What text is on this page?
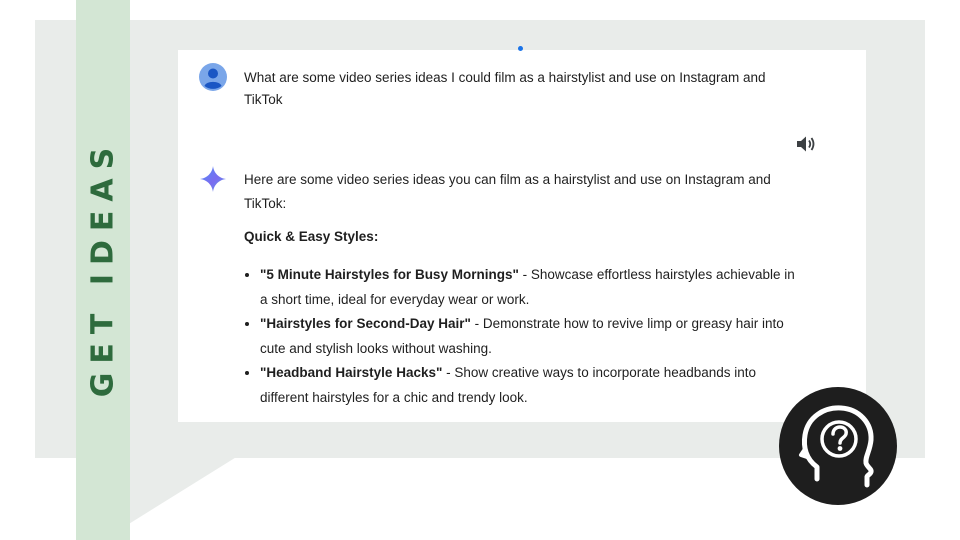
GET IDEAS
What are some video series ideas I could film as a hairstylist and use on Instagram and TikTok

Here are some video series ideas you can film as a hairstylist and use on Instagram and TikTok:

Quick & Easy Styles:

• "5 Minute Hairstyles for Busy Mornings" - Showcase effortless hairstyles achievable in a short time, ideal for everyday wear or work.
• "Hairstyles for Second-Day Hair" - Demonstrate how to revive limp or greasy hair into cute and stylish looks without washing.
• "Headband Hairstyle Hacks" - Show creative ways to incorporate headbands into different hairstyles for a chic and trendy look.
